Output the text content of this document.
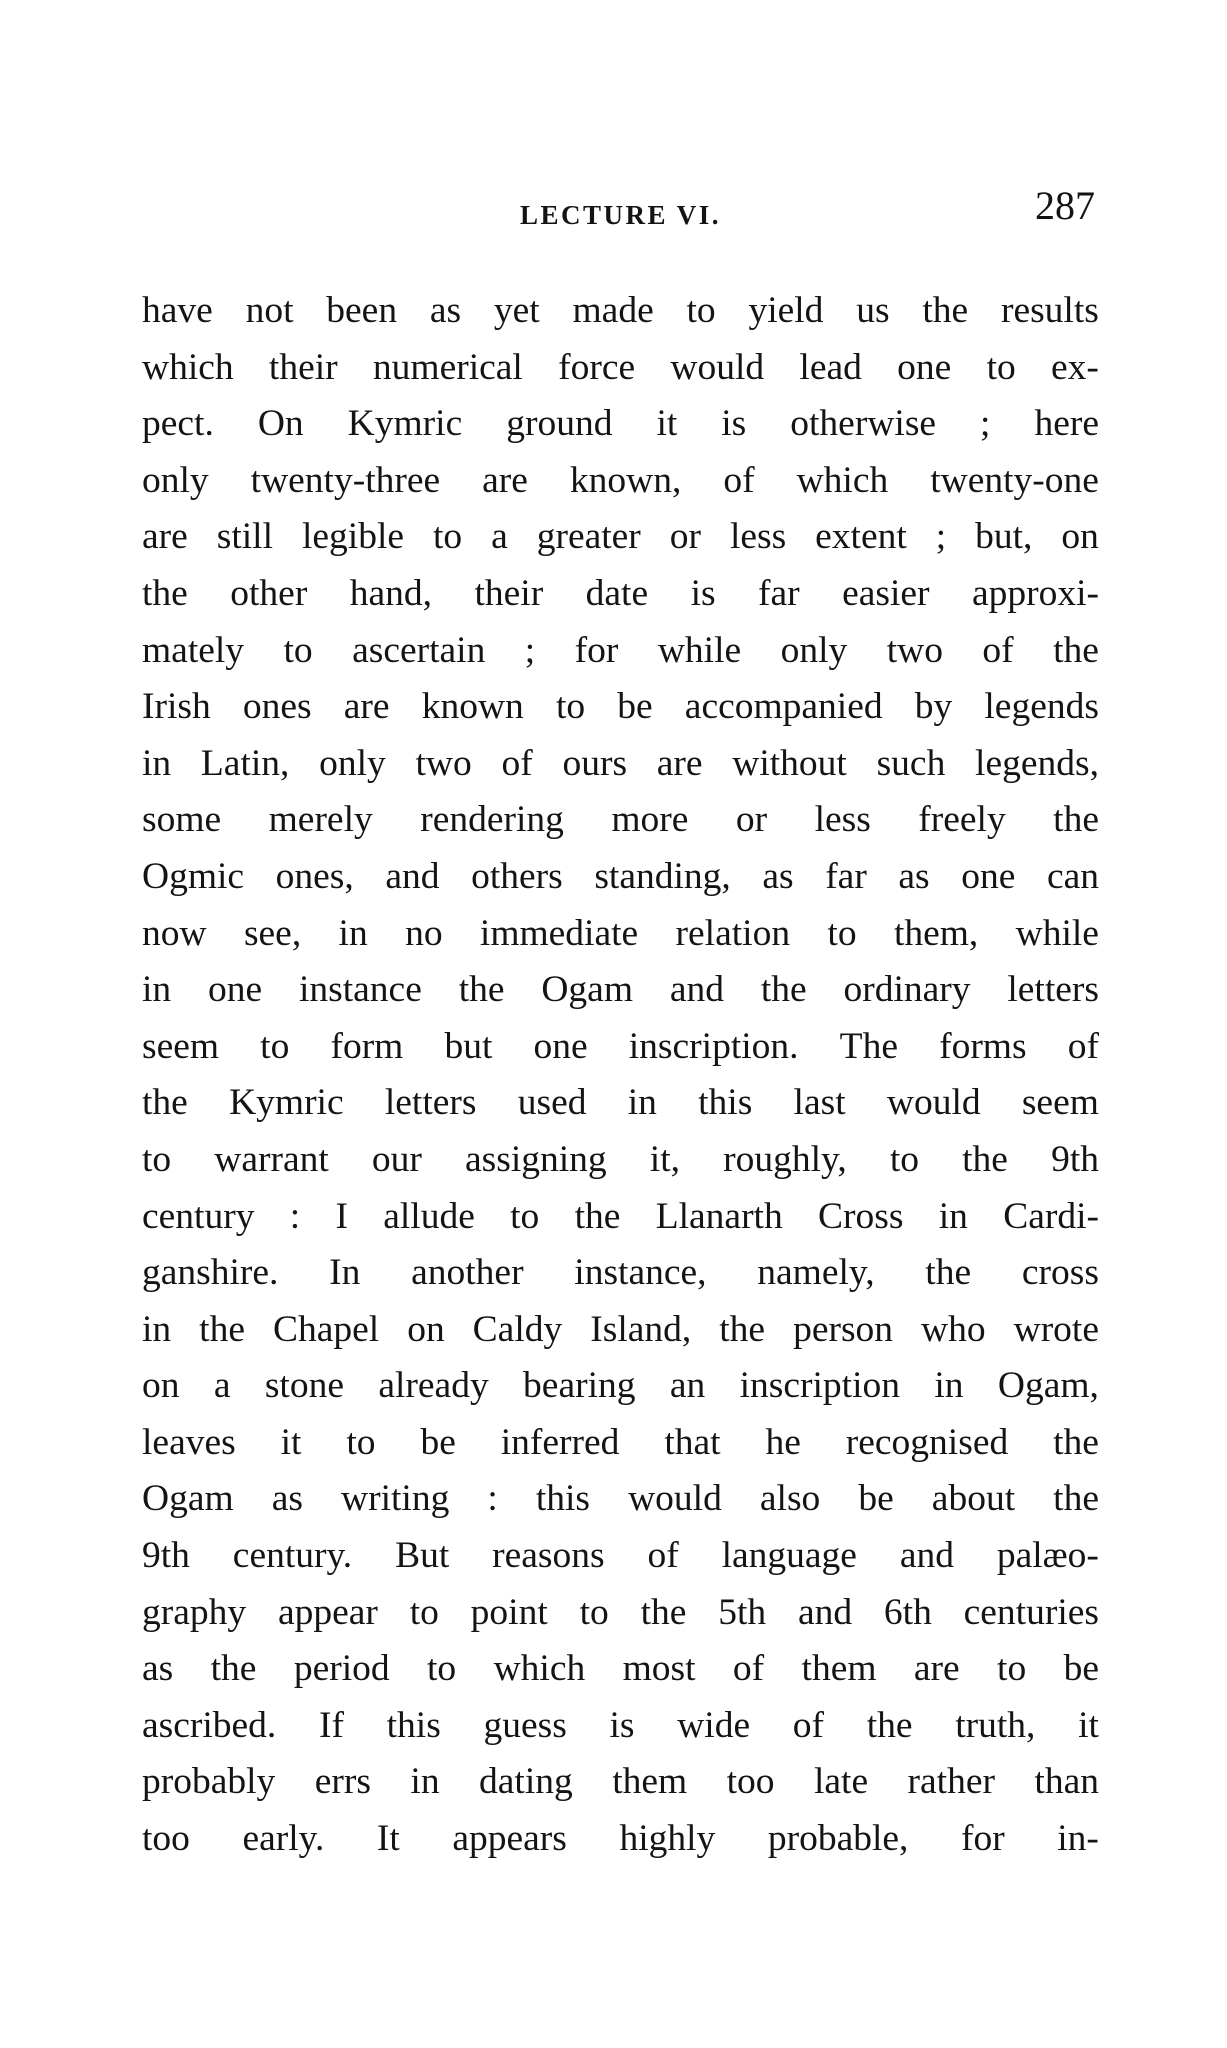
LECTURE VI.	287
have not been as yet made to yield us the results
which their numerical force would lead one to ex-
pect. On Kymric ground it is otherwise ; here
only twenty-three are known, of which twenty-one
are still legible to a greater or less extent ; but, on
the other hand, their date is far easier approxi-
mately to ascertain ; for while only two of the
Irish ones are known to be accompanied by legends
in Latin, only two of ours are without such legends,
some merely rendering more or less freely the
Ogmic ones, and others standing, as far as one can
now see, in no immediate relation to them, while
in one instance the Ogam and the ordinary letters
seem to form but one inscription. The forms of
the Kymric letters used in this last would seem
to warrant our assigning it, roughly, to the 9th
century : I allude to the Llanarth Cross in Cardi-
ganshire. In another instance, namely, the cross
in the Chapel on Caldy Island, the person who wrote
on a stone already bearing an inscription in Ogam,
leaves it to be inferred that he recognised the
Ogam as writing : this would also be about the
9th century. But reasons of language and palæo-
graphy appear to point to the 5th and 6th centuries
as the period to which most of them are to be
ascribed. If this guess is wide of the truth, it
probably errs in dating them too late rather than
too early. It appears highly probable, for in-
